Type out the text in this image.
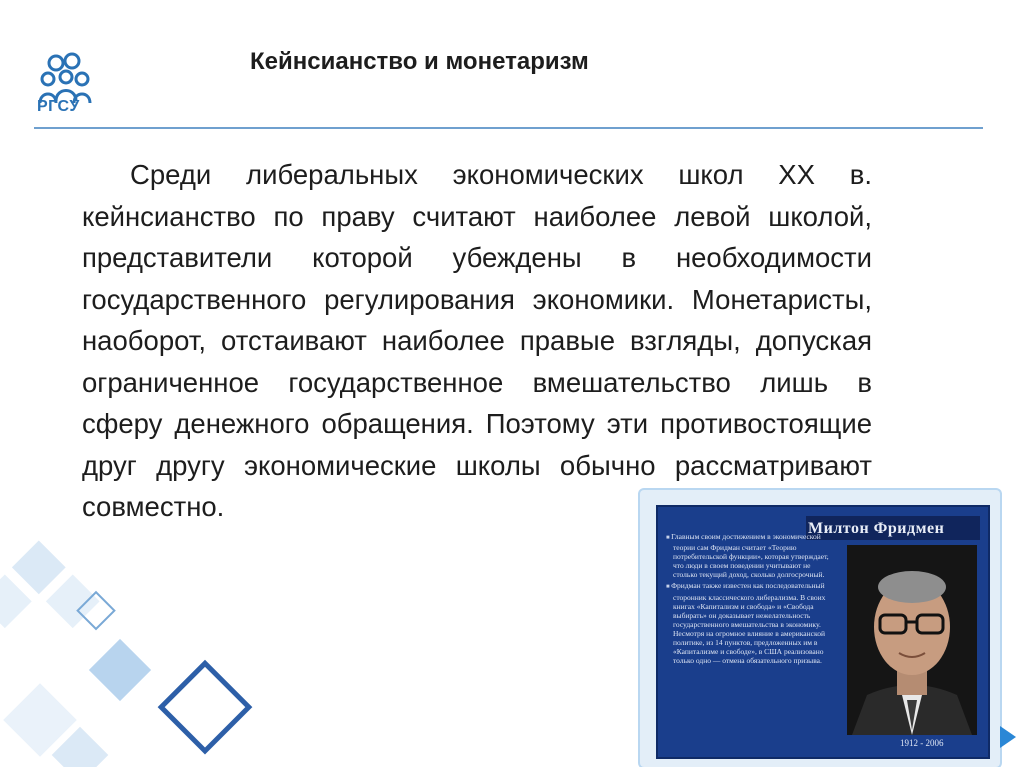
РГСУ
Кейнсианство и монетаризм
Среди либеральных экономических школ XX в. кейнсианство по праву считают наиболее левой школой, представители которой убеждены в необходимости государственного регулирования экономики. Монетаристы, наоборот, отстаивают наиболее правые взгляды, допуская ограниченное государственное вмешательство лишь в сферу денежного обращения. Поэтому эти противостоящие друг другу экономические школы обычно рассматривают совместно.
Милтон Фридмен

■ Главным своим достижением в экономической теории сам Фридман считает «Теорию потребительской функции», которая утверждает, что люди в своем поведении учитывают не столько текущий доход, сколько долгосрочный.

■ Фридман также известен как последовательный сторонник классического либерализма. В своих книгах «Капитализм и свобода» и «Свобода выбирать» он доказывает нежелательность государственного вмешательства в экономику. Несмотря на огромное влияние в американской политике, из 14 пунктов, предложенных им в «Капитализме и свободе», в США реализовано только одно — отмена обязательного призыва.

1912 - 2006
